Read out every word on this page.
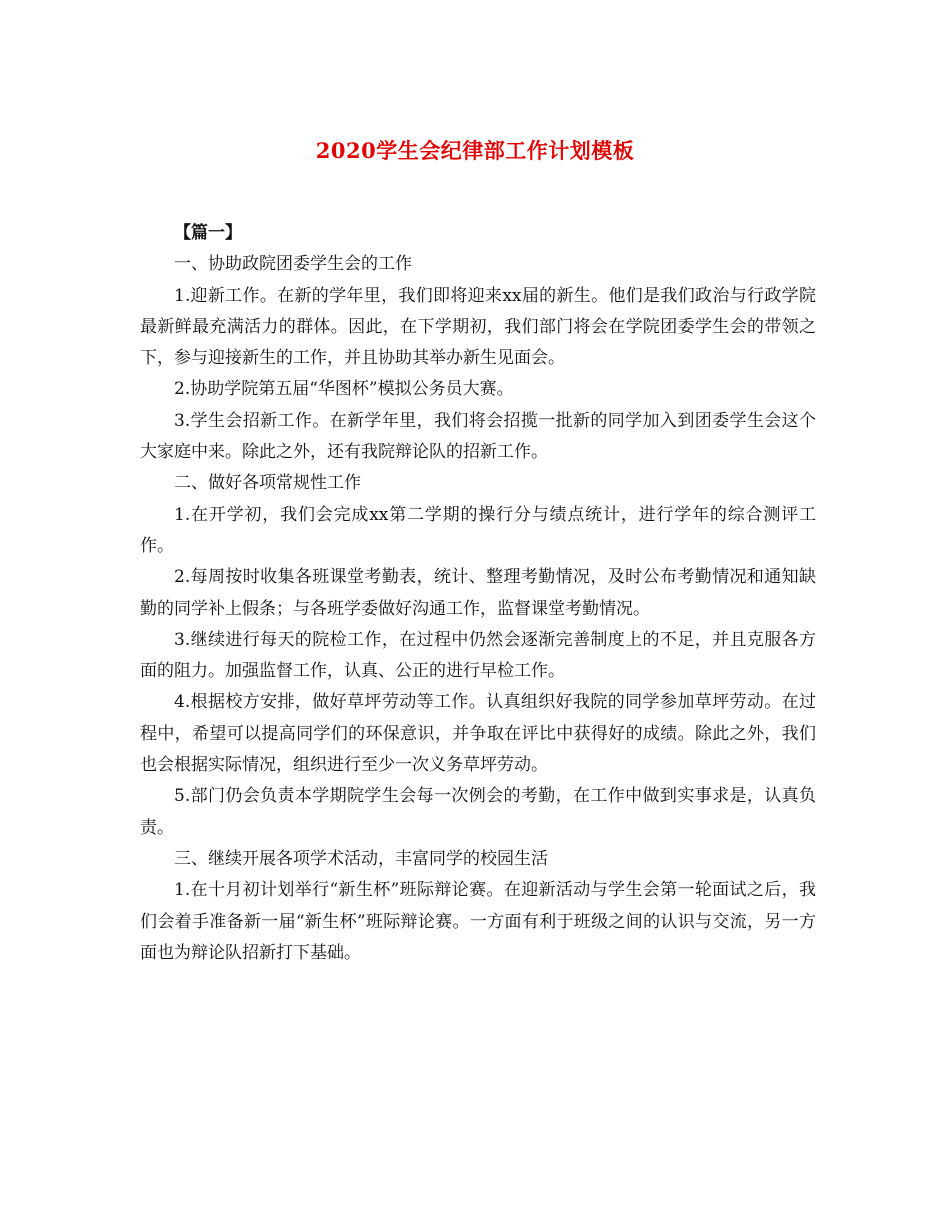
2020学生会纪律部工作计划模板

【篇一】

一、协助政院团委学生会的工作

1.迎新工作。在新的学年里，我们即将迎来xx届的新生。他们是我们政治与行政学院最新鲜最充满活力的群体。因此，在下学期初，我们部门将会在学院团委学生会的带领之下，参与迎接新生的工作，并且协助其举办新生见面会。

2.协助学院第五届“华图杯”模拟公务员大赛。

3.学生会招新工作。在新学年里，我们将会招揽一批新的同学加入到团委学生会这个大家庭中来。除此之外，还有我院辩论队的招新工作。

二、做好各项常规性工作

1.在开学初，我们会完成xx第二学期的操行分与绩点统计，进行学年的综合测评工作。

2.每周按时收集各班课堂考勤表，统计、整理考勤情况，及时公布考勤情况和通知缺勤的同学补上假条；与各班学委做好沟通工作，监督课堂考勤情况。

3.继续进行每天的院检工作，在过程中仍然会逐渐完善制度上的不足，并且克服各方面的阻力。加强监督工作，认真、公正的进行早检工作。

4.根据校方安排，做好草坪劳动等工作。认真组织好我院的同学参加草坪劳动。在过程中，希望可以提高同学们的环保意识，并争取在评比中获得好的成绩。除此之外，我们也会根据实际情况，组织进行至少一次义务草坪劳动。

5.部门仍会负责本学期院学生会每一次例会的考勤，在工作中做到实事求是，认真负责。

三、继续开展各项学术活动，丰富同学的校园生活

1.在十月初计划举行“新生杯”班际辩论赛。在迎新活动与学生会第一轮面试之后，我们会着手准备新一届“新生杯”班际辩论赛。一方面有利于班级之间的认识与交流，另一方面也为辩论队招新打下基础。
